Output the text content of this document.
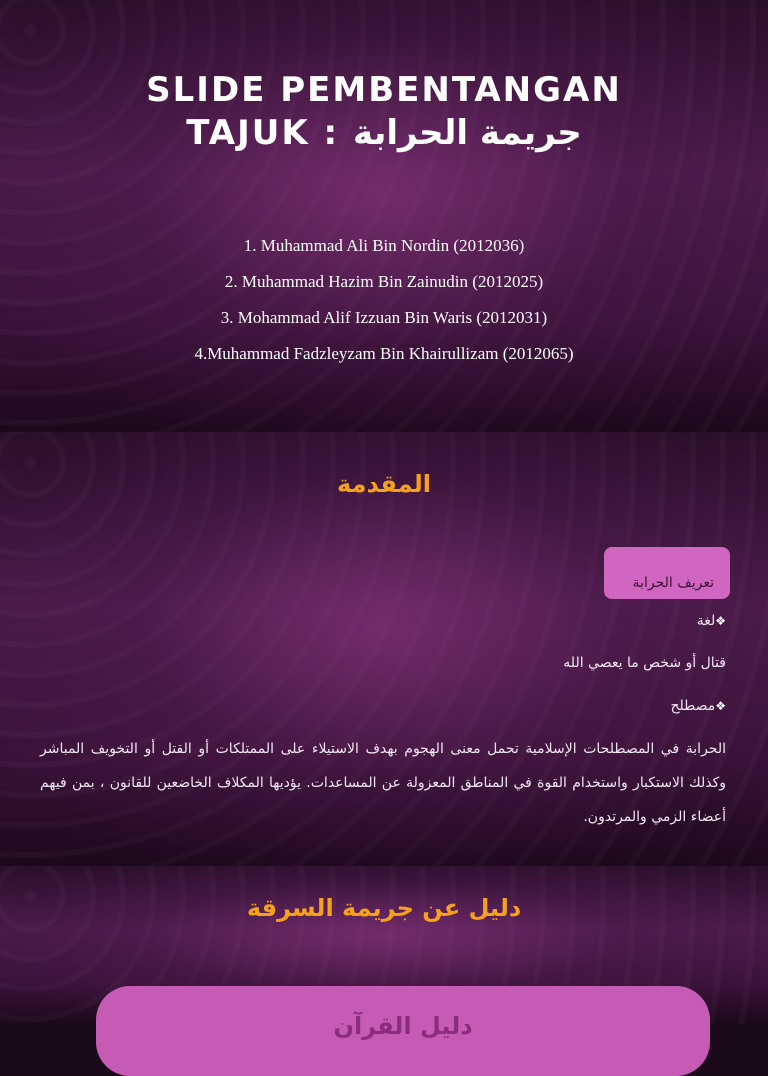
SLIDE PEMBENTANGAN
TAJUK : جريمة الحرابة
1. Muhammad Ali Bin Nordin (2012036)
2. Muhammad Hazim Bin Zainudin (2012025)
3. Mohammad Alif Izzuan Bin Waris (2012031)
4.Muhammad Fadzleyzam Bin Khairullizam (2012065)
المقدمة
تعريف الحرابة
❖لغة
قتال أو شخص ما يعصي الله
❖مصطلح
الحرابة في المصطلحات الإسلامية تحمل معنى الهجوم بهدف الاستيلاء على الممتلكات أو القتل أو التخويف المباشر وكذلك الاستكبار واستخدام القوة في المناطق المعزولة عن المساعدات. يؤديها المكلاف الخاضعين للقانون ، بمن فيهم أعضاء الزمي والمرتدون.
دليل عن جريمة السرقة
دليل القرآن
